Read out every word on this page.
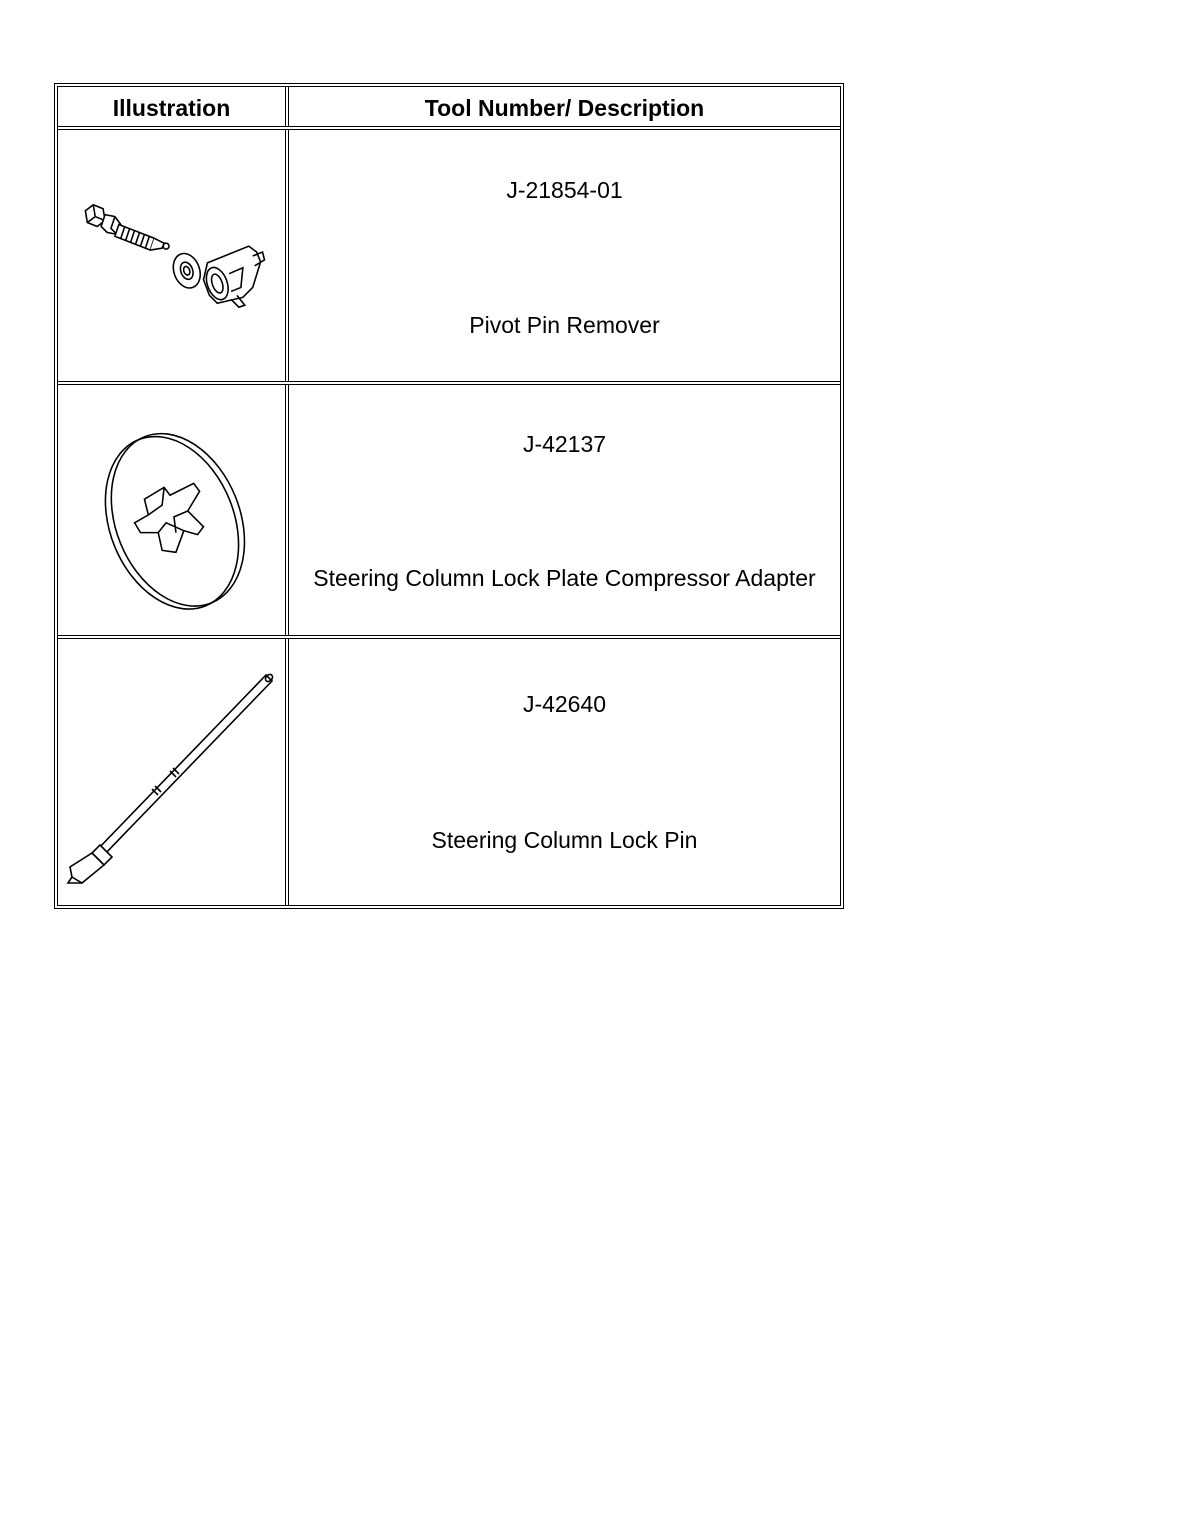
Illustration	Tool Number/ Description
J-21854-01
Pivot Pin Remover
J-42137
Steering Column Lock Plate Compressor Adapter
J-42640
Steering Column Lock Pin
